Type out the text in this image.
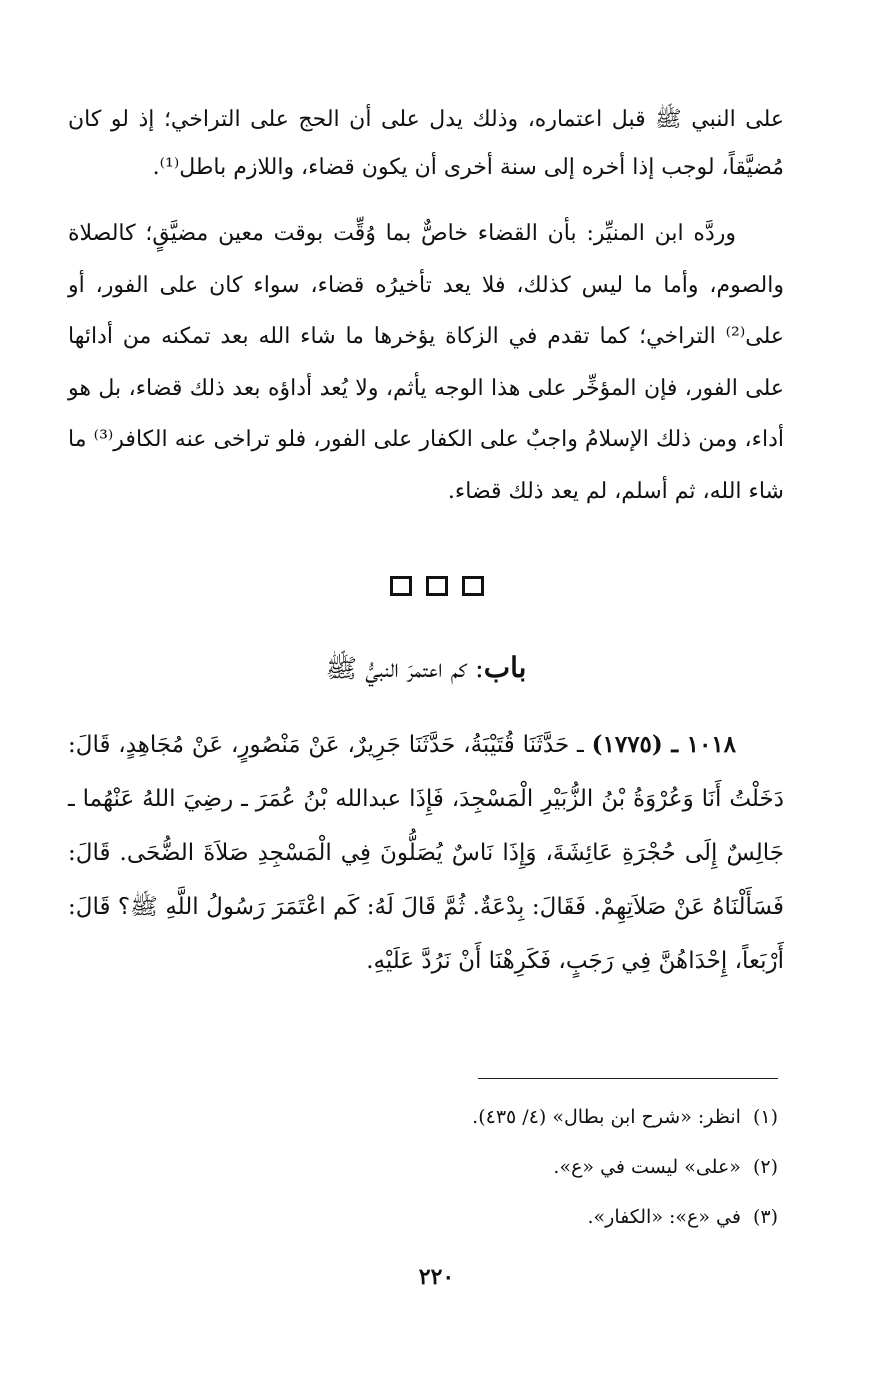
على النبي ﷺ قبل اعتماره، وذلك يدل على أن الحج على التراخي؛ إذ لو كان مُضيَّقاً، لوجب إذا أخره إلى سنة أخرى أن يكون قضاء، واللازم باطل⁽¹⁾.
وردَّه ابن المنيِّر: بأن القضاء خاصٌّ بما وُقِّت بوقت معين مضيَّقٍ؛ كالصلاة والصوم، وأما ما ليس كذلك، فلا يعد تأخيرُه قضاء، سواء كان على الفور، أو على⁽²⁾ التراخي؛ كما تقدم في الزكاة يؤخرها ما شاء الله بعد تمكنه من أدائها على الفور، فإن المؤخِّر على هذا الوجه يأثم، ولا يُعد أداؤه بعد ذلك قضاء، بل هو أداء، ومن ذلك الإسلامُ واجبٌ على الكفار على الفور، فلو تراخى عنه الكافر⁽³⁾ ما شاء الله، ثم أسلم، لم يعد ذلك قضاء.
باب: كم اعتمرَ النبيُّ ﷺ
١٠١٨ ـ (١٧٧٥) ـ حَدَّثَنَا قُتَيْبَةُ، حَدَّثَنَا جَرِيرٌ، عَنْ مَنْصُورٍ، عَنْ مُجَاهِدٍ، قَالَ: دَخَلْتُ أَنَا وَعُرْوَةُ بْنُ الزُّبَيْرِ الْمَسْجِدَ، فَإِذَا عبدالله بْنُ عُمَرَ ـ رضِيَ اللهُ عَنْهُما ـ جَالِسٌ إِلَى حُجْرَةِ عَائِشَةَ، وَإِذَا نَاسٌ يُصَلُّونَ فِي الْمَسْجِدِ صَلاَةَ الضُّحَى. قَالَ: فَسَأَلْنَاهُ عَنْ صَلاَتِهِمْ. فَقَالَ: بِدْعَةٌ. ثُمَّ قَالَ لَهُ: كَم اعْتَمَرَ رَسُولُ اللَّهِ ﷺ؟ قَالَ: أَرْبَعاً، إِحْدَاهُنَّ فِي رَجَبٍ، فَكَرِهْنَا أَنْ نَرُدَّ عَلَيْهِ.
(١)انظر: «شرح ابن بطال» (٤/ ٤٣٥).
(٢)«على» ليست في «ع».
(٣)في «ع»: «الكفار».
٢٢٠
